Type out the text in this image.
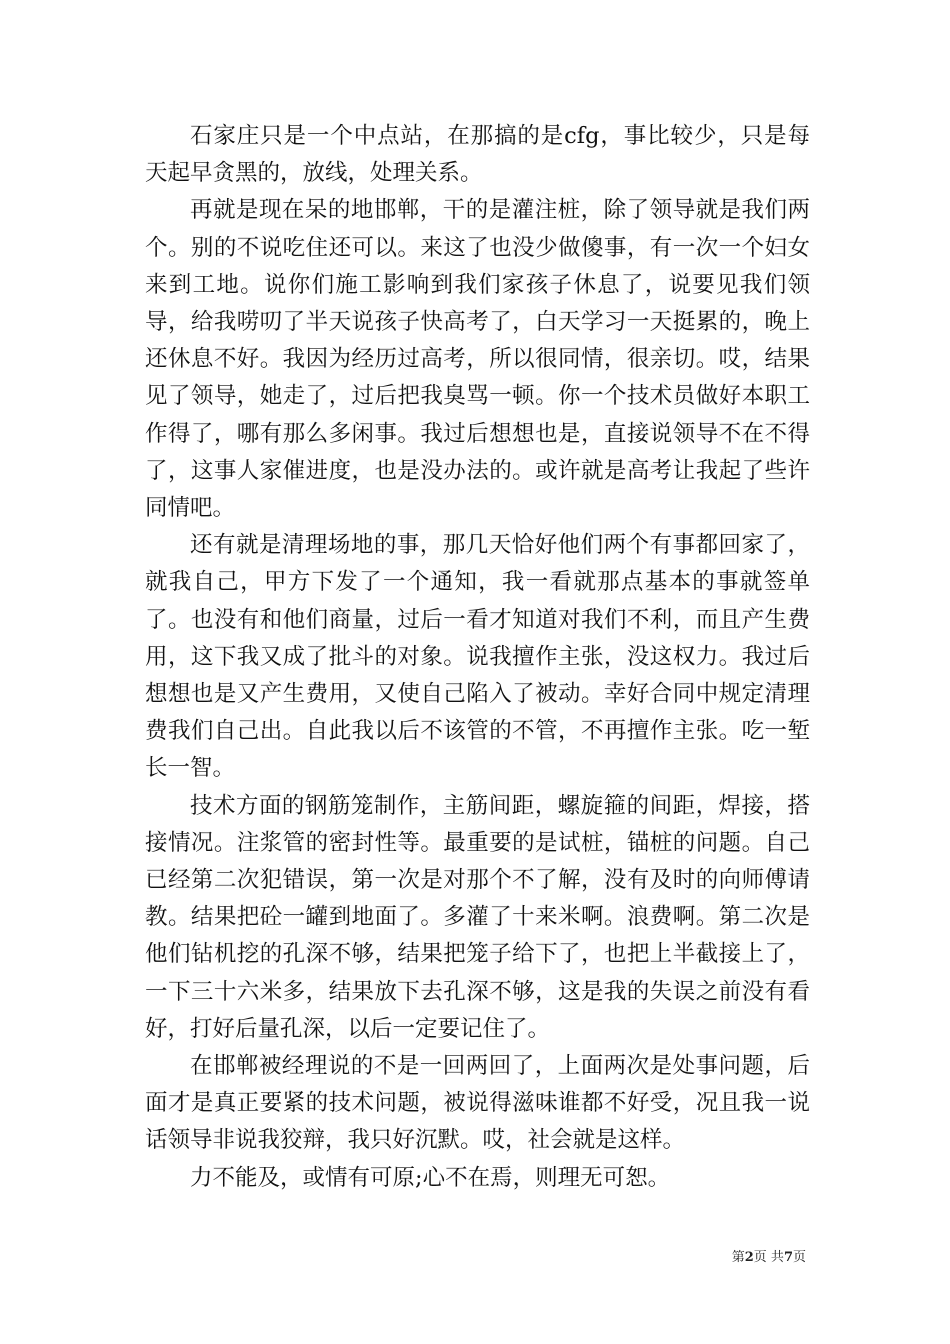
石家庄只是一个中点站，在那搞的是cfg，事比较少，只是每天起早贪黑的，放线，处理关系。

再就是现在呆的地邯郸，干的是灌注桩，除了领导就是我们两个。别的不说吃住还可以。来这了也没少做傻事，有一次一个妇女来到工地。说你们施工影响到我们家孩子休息了，说要见我们领导，给我唠叨了半天说孩子快高考了，白天学习一天挺累的，晚上还休息不好。我因为经历过高考，所以很同情，很亲切。哎，结果见了领导，她走了，过后把我臭骂一顿。你一个技术员做好本职工作得了，哪有那么多闲事。我过后想想也是，直接说领导不在不得了，这事人家催进度，也是没办法的。或许就是高考让我起了些许同情吧。

还有就是清理场地的事，那几天恰好他们两个有事都回家了，就我自己，甲方下发了一个通知，我一看就那点基本的事就签单了。也没有和他们商量，过后一看才知道对我们不利，而且产生费用，这下我又成了批斗的对象。说我擅作主张，没这权力。我过后想想也是又产生费用，又使自己陷入了被动。幸好合同中规定清理费我们自己出。自此我以后不该管的不管，不再擅作主张。吃一堑长一智。

技术方面的钢筋笼制作，主筋间距，螺旋箍的间距，焊接，搭接情况。注浆管的密封性等。最重要的是试桩，锚桩的问题。自己已经第二次犯错误，第一次是对那个不了解，没有及时的向师傅请教。结果把砼一罐到地面了。多灌了十来米啊。浪费啊。第二次是他们钻机挖的孔深不够，结果把笼子给下了，也把上半截接上了，一下三十六米多，结果放下去孔深不够，这是我的失误之前没有看好，打好后量孔深，以后一定要记住了。

在邯郸被经理说的不是一回两回了，上面两次是处事问题，后面才是真正要紧的技术问题，被说得滋味谁都不好受，况且我一说话领导非说我狡辩，我只好沉默。哎，社会就是这样。

力不能及，或情有可原;心不在焉，则理无可恕。

第2页 共7页
